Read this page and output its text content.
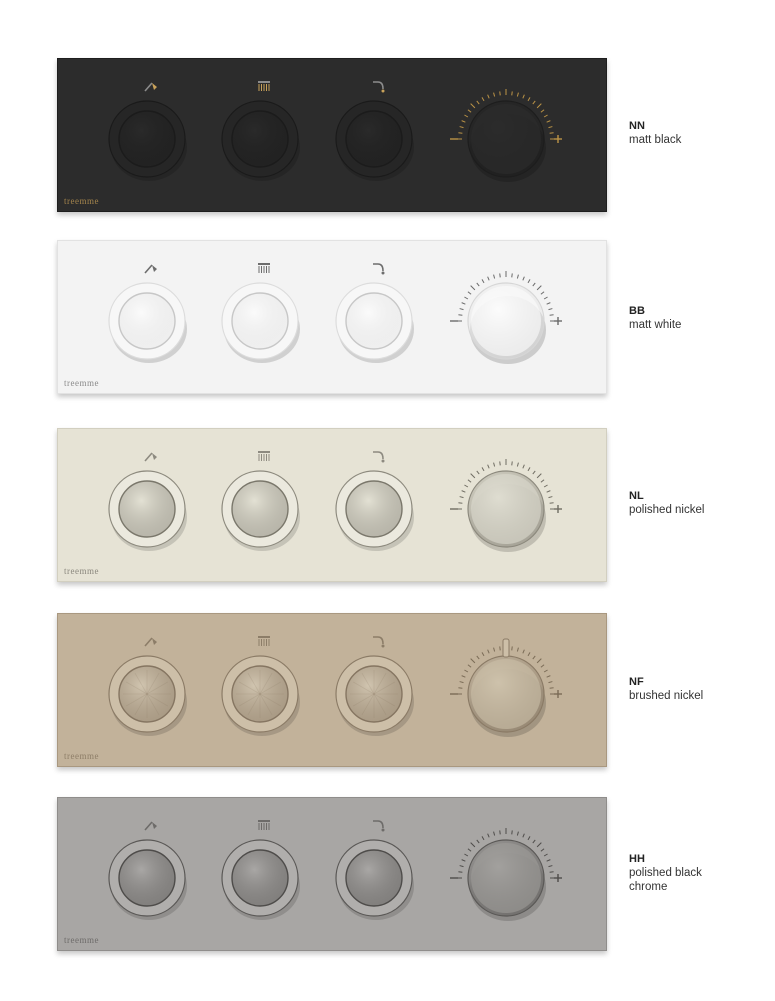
treemme
NN
matt black
treemme
BB
matt white
treemme
NL
polished nickel
treemme
NF
brushed nickel
treemme
HH
polished black
chrome
